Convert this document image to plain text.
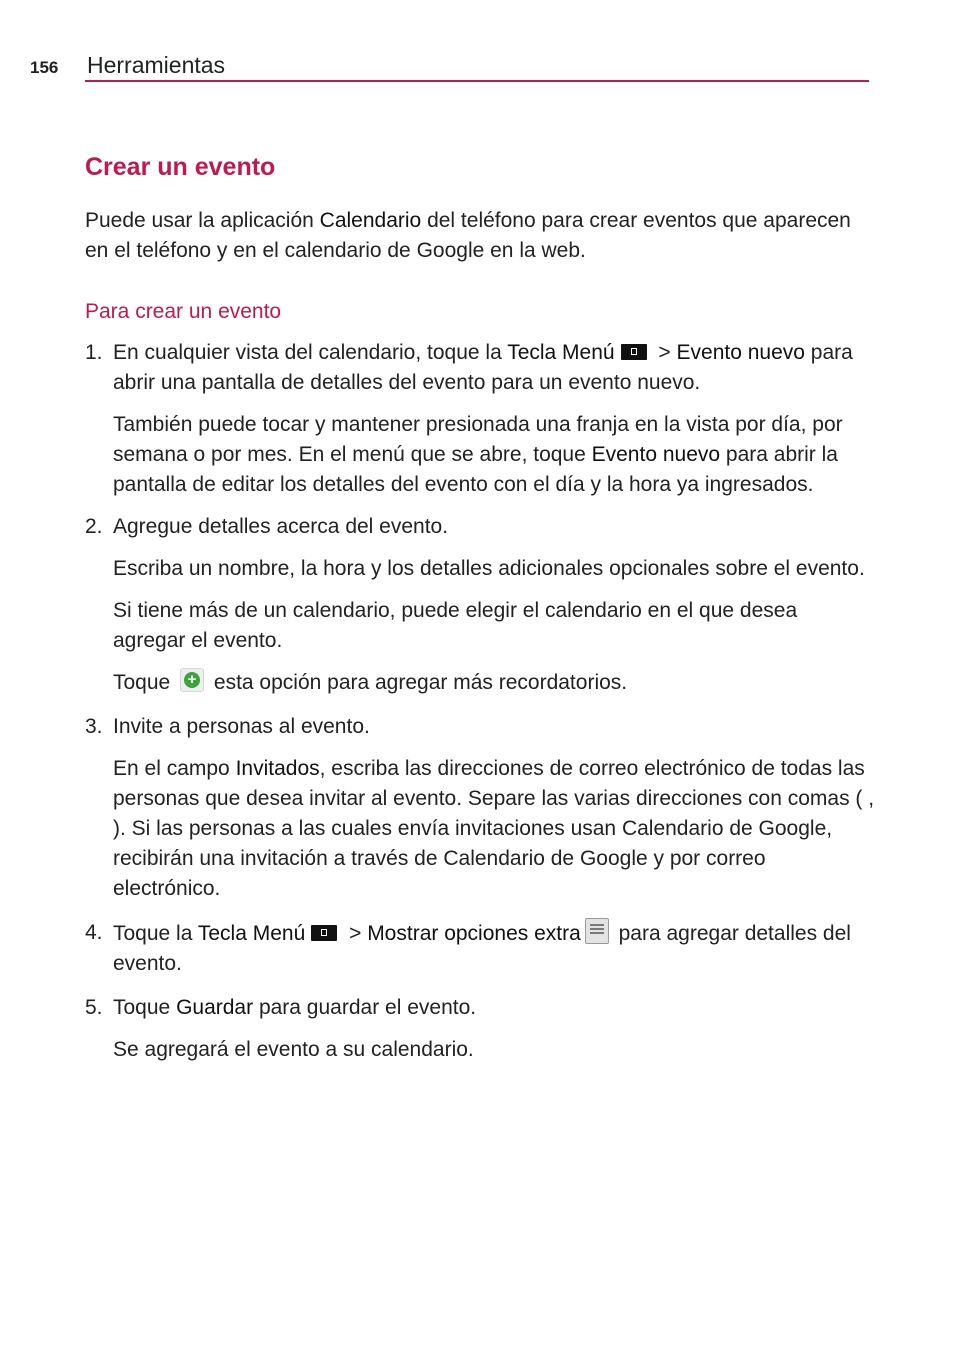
156 Herramientas
Crear un evento

Puede usar la aplicación Calendario del teléfono para crear eventos que aparecen en el teléfono y en el calendario de Google en la web.

Para crear un evento
1. En cualquier vista del calendario, toque la Tecla Menú > Evento nuevo para abrir una pantalla de detalles del evento para un evento nuevo.

También puede tocar y mantener presionada una franja en la vista por día, por semana o por mes. En el menú que se abre, toque Evento nuevo para abrir la pantalla de editar los detalles del evento con el día y la hora ya ingresados.

2. Agregue detalles acerca del evento.

Escriba un nombre, la hora y los detalles adicionales opcionales sobre el evento.

Si tiene más de un calendario, puede elegir el calendario en el que desea agregar el evento.

Toque + esta opción para agregar más recordatorios.

3. Invite a personas al evento.

En el campo Invitados, escriba las direcciones de correo electrónico de todas las personas que desea invitar al evento. Separe las varias direcciones con comas ( , ). Si las personas a las cuales envía invitaciones usan Calendario de Google, recibirán una invitación a través de Calendario de Google y por correo electrónico.

4. Toque la Tecla Menú > Mostrar opciones extra para agregar detalles del evento.

5. Toque Guardar para guardar el evento.

Se agregará el evento a su calendario.
